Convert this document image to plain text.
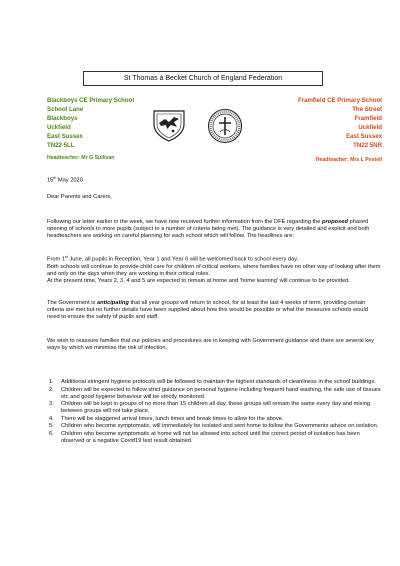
St Thomas á Becket Church of England Federation
Blackboys CE Primary School
School Lane
Blackboys
Uckfield
East Sussex
TN22 5LL
Headteacher: Mr G Sullivan
Framfield CE Primary School
The Street
Framfield
Uckfield
East Sussex
TN22 5NR
Headteacher: Mrs L Pestell
15th May 2020
Dear Parents and Carers,
Following our letter earlier in the week, we have now received further information from the DFE regarding the proposed phased opening of schools to more pupils (subject to a number of criteria being met). The guidance is very detailed and explicit and both headteachers are working on careful planning for each school which will follow. The headlines are:
From 1st June, all pupils in Reception, Year 1 and Year 6 will be welcomed back to school every day.
Both schools will continue to provide child care for children of critical workers, where families have no other way of looking after them and only on the days when they are working in their critical roles.
At the present time, Years 2, 3, 4 and 5 are expected to remain at home and 'home learning' will continue to be provided.
The Government is anticipating that all year groups will return to school, for at least the last 4 weeks of term, providing certain criteria are met but no further details have been supplied about how this would be possible or what the measures schools would need to ensure the safety of pupils and staff.
We wish to reassure families that our policies and procedures are in keeping with Government guidance and there are several key ways by which we minimise the risk of infection.
1. Additional stringent hygiene protocols will be followed to maintain the highest standards of cleanliness in the school buildings.
2. Children will be expected to follow strict guidance on personal hygiene including frequent hand washing, the safe use of tissues etc and good hygiene behaviour will be strictly monitored.
3. Children will be kept in groups of no more than 15 children all day, these groups will remain the same every day and mixing between groups will not take place.
4. There will be staggered arrival times, lunch times and break times to allow for the above.
5. Children who become symptomatic, will immediately be isolated and sent home to follow the Governments advice on isolation.
6. Children who become symptomatic at home will not be allowed into school until the correct period of isolation has been observed or a negative Covid19 test result obtained.
